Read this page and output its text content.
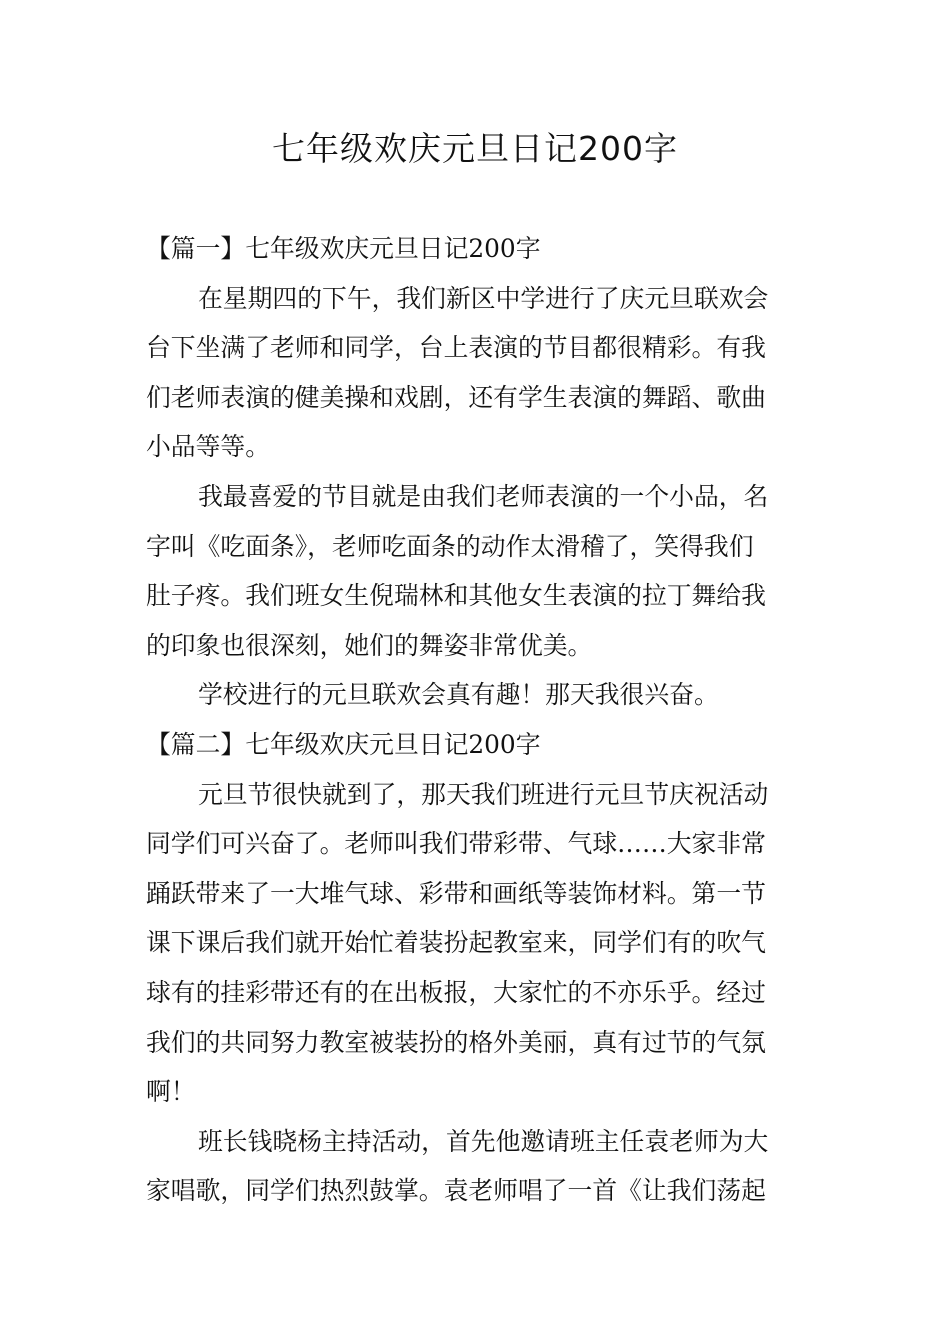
七年级欢庆元旦日记200字
【篇一】七年级欢庆元旦日记200字
在星期四的下午，我们新区中学进行了庆元旦联欢会
台下坐满了老师和同学，台上表演的节目都很精彩。有我
们老师表演的健美操和戏剧，还有学生表演的舞蹈、歌曲
小品等等。
我最喜爱的节目就是由我们老师表演的一个小品，名
字叫《吃面条》，老师吃面条的动作太滑稽了，笑得我们
肚子疼。我们班女生倪瑞林和其他女生表演的拉丁舞给我
的印象也很深刻，她们的舞姿非常优美。
学校进行的元旦联欢会真有趣！那天我很兴奋。
【篇二】七年级欢庆元旦日记200字
元旦节很快就到了，那天我们班进行元旦节庆祝活动
同学们可兴奋了。老师叫我们带彩带、气球……大家非常
踊跃带来了一大堆气球、彩带和画纸等装饰材料。第一节
课下课后我们就开始忙着装扮起教室来，同学们有的吹气
球有的挂彩带还有的在出板报，大家忙的不亦乐乎。经过
我们的共同努力教室被装扮的格外美丽，真有过节的气氛
啊！
班长钱晓杨主持活动，首先他邀请班主任袁老师为大
家唱歌，同学们热烈鼓掌。袁老师唱了一首《让我们荡起
